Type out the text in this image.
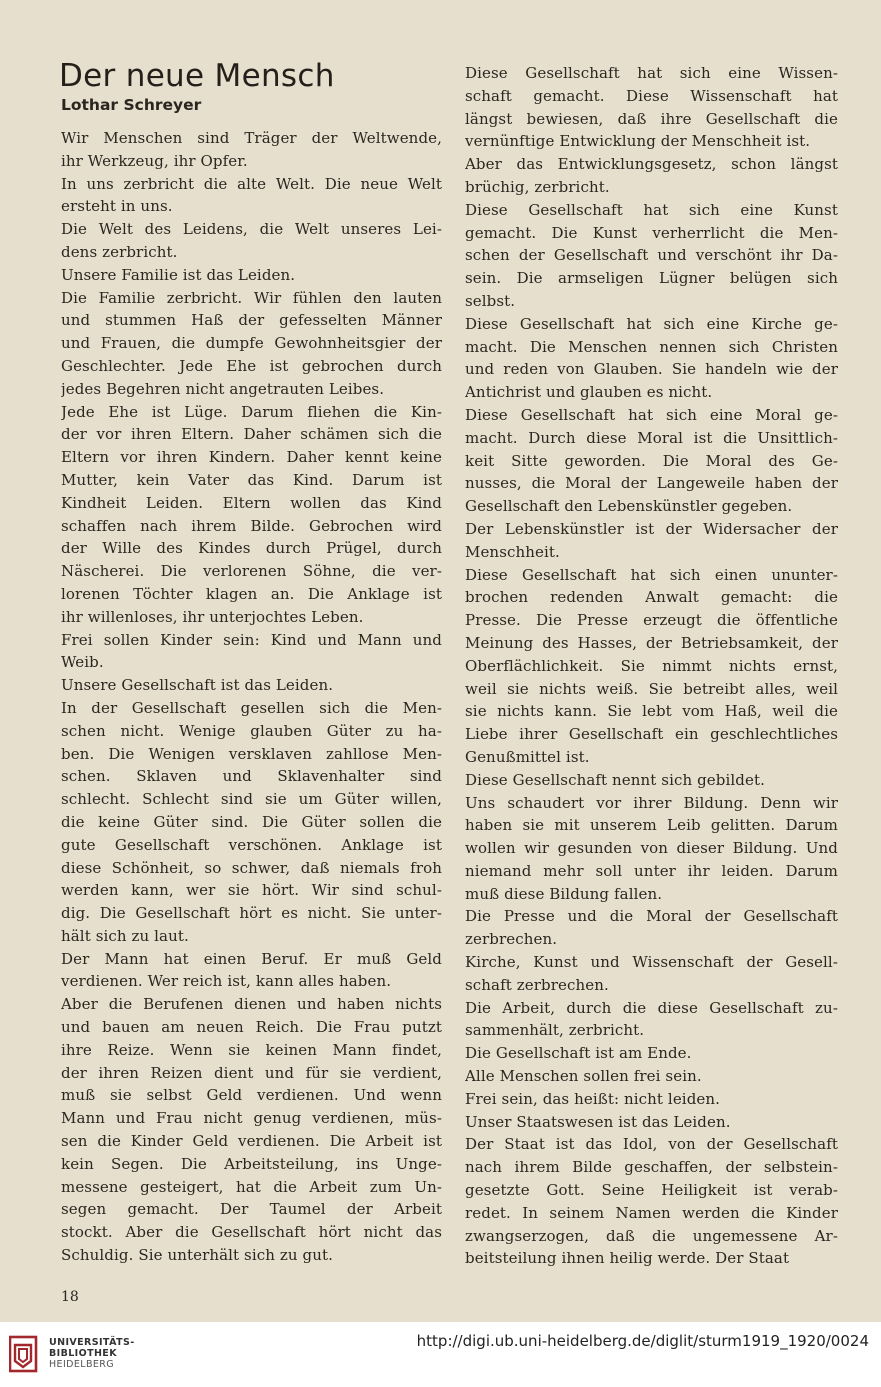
Der neue Mensch
Lothar Schreyer
Wir Menschen sind Träger der Weltwende,
ihr Werkzeug, ihr Opfer.
In uns zerbricht die alte Welt. Die neue Welt
ersteht in uns.
Die Welt des Leidens, die Welt unseres Lei-
dens zerbricht.
Unsere Familie ist das Leiden.
Die Familie zerbricht. Wir fühlen den lauten
und stummen Haß der gefesselten Männer
und Frauen, die dumpfe Gewohnheitsgier der
Geschlechter. Jede Ehe ist gebrochen durch
jedes Begehren nicht angetrauten Leibes.
Jede Ehe ist Lüge. Darum fliehen die Kin-
der vor ihren Eltern. Daher schämen sich die
Eltern vor ihren Kindern. Daher kennt keine
Mutter, kein Vater das Kind. Darum ist
Kindheit Leiden. Eltern wollen das Kind
schaffen nach ihrem Bilde. Gebrochen wird
der Wille des Kindes durch Prügel, durch
Näscherei. Die verlorenen Söhne, die ver-
lorenen Töchter klagen an. Die Anklage ist
ihr willenloses, ihr unterjochtes Leben.
Frei sollen Kinder sein: Kind und Mann und
Weib.
Unsere Gesellschaft ist das Leiden.
In der Gesellschaft gesellen sich die Men-
schen nicht. Wenige glauben Güter zu ha-
ben. Die Wenigen versklaven zahllose Men-
schen. Sklaven und Sklavenhalter sind
schlecht. Schlecht sind sie um Güter willen,
die keine Güter sind. Die Güter sollen die
gute Gesellschaft verschönen. Anklage ist
diese Schönheit, so schwer, daß niemals froh
werden kann, wer sie hört. Wir sind schul-
dig. Die Gesellschaft hört es nicht. Sie unter-
hält sich zu laut.
Der Mann hat einen Beruf. Er muß Geld
verdienen. Wer reich ist, kann alles haben.
Aber die Berufenen dienen und haben nichts
und bauen am neuen Reich. Die Frau putzt
ihre Reize. Wenn sie keinen Mann findet,
der ihren Reizen dient und für sie verdient,
muß sie selbst Geld verdienen. Und wenn
Mann und Frau nicht genug verdienen, müs-
sen die Kinder Geld verdienen. Die Arbeit ist
kein Segen. Die Arbeitsteilung, ins Unge-
messene gesteigert, hat die Arbeit zum Un-
segen gemacht. Der Taumel der Arbeit
stockt. Aber die Gesellschaft hört nicht das
Schuldig. Sie unterhält sich zu gut.
Diese Gesellschaft hat sich eine Wissen-
schaft gemacht. Diese Wissenschaft hat
längst bewiesen, daß ihre Gesellschaft die
vernünftige Entwicklung der Menschheit ist.
Aber das Entwicklungsgesetz, schon längst
brüchig, zerbricht.
Diese Gesellschaft hat sich eine Kunst
gemacht. Die Kunst verherrlicht die Men-
schen der Gesellschaft und verschönt ihr Da-
sein. Die armseligen Lügner belügen sich
selbst.
Diese Gesellschaft hat sich eine Kirche ge-
macht. Die Menschen nennen sich Christen
und reden von Glauben. Sie handeln wie der
Antichrist und glauben es nicht.
Diese Gesellschaft hat sich eine Moral ge-
macht. Durch diese Moral ist die Unsittlich-
keit Sitte geworden. Die Moral des Ge-
nusses, die Moral der Langeweile haben der
Gesellschaft den Lebenskünstler gegeben.
Der Lebenskünstler ist der Widersacher der
Menschheit.
Diese Gesellschaft hat sich einen ununter-
brochen redenden Anwalt gemacht: die
Presse. Die Presse erzeugt die öffentliche
Meinung des Hasses, der Betriebsamkeit, der
Oberflächlichkeit. Sie nimmt nichts ernst,
weil sie nichts weiß. Sie betreibt alles, weil
sie nichts kann. Sie lebt vom Haß, weil die
Liebe ihrer Gesellschaft ein geschlechtliches
Genußmittel ist.
Diese Gesellschaft nennt sich gebildet.
Uns schaudert vor ihrer Bildung. Denn wir
haben sie mit unserem Leib gelitten. Darum
wollen wir gesunden von dieser Bildung. Und
niemand mehr soll unter ihr leiden. Darum
muß diese Bildung fallen.
Die Presse und die Moral der Gesellschaft
zerbrechen.
Kirche, Kunst und Wissenschaft der Gesell-
schaft zerbrechen.
Die Arbeit, durch die diese Gesellschaft zu-
sammenhält, zerbricht.
Die Gesellschaft ist am Ende.
Alle Menschen sollen frei sein.
Frei sein, das heißt: nicht leiden.
Unser Staatswesen ist das Leiden.
Der Staat ist das Idol, von der Gesellschaft
nach ihrem Bilde geschaffen, der selbstein-
gesetzte Gott. Seine Heiligkeit ist verab-
redet. In seinem Namen werden die Kinder
zwangserzogen, daß die ungemessene Ar-
beitsteilung ihnen heilig werde. Der Staat
18
UNIVERSITÄTS-
BIBLIOTHEK
HEIDELBERG
http://digi.ub.uni-heidelberg.de/diglit/sturm1919_1920/0024
